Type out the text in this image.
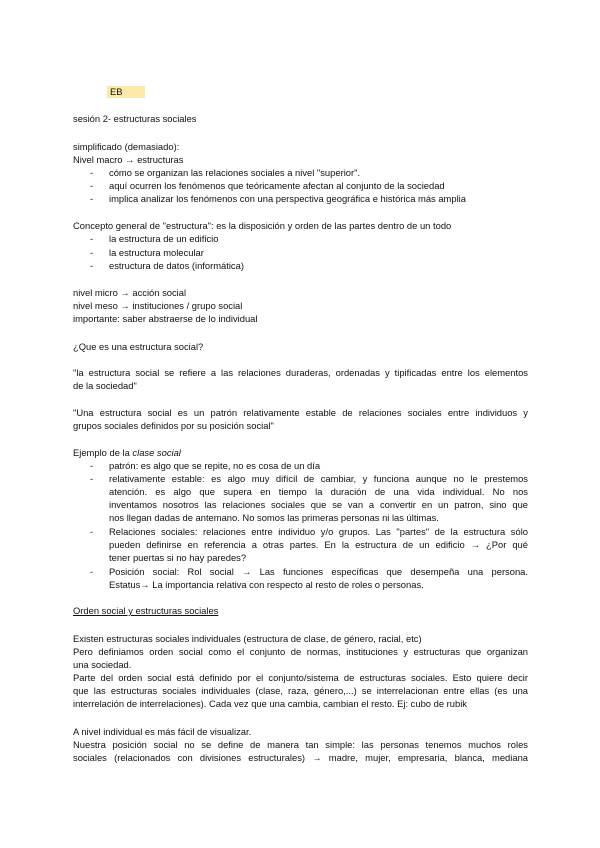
EB
sesión 2- estructuras sociales
simplificado (demasiado):
Nivel macro → estructuras
- cómo se organizan las relaciones sociales a nivel "superior".
- aquí ocurren los fenómenos que teóricamente afectan al conjunto de la sociedad
- implica analizar los fenómenos con una perspectiva geográfica e histórica más amplia
Concepto general de "estructura": es la disposición y orden de las partes dentro de un todo
- la estructura de un edificio
- la estructura molecular
- estructura de datos (informática)
nivel micro → acción social
nivel meso → instituciones / grupo social
importante: saber abstraerse de lo individual
¿Que es una estructura social?
"la estructura social se refiere a las relaciones duraderas, ordenadas y tipificadas entre los elementos
de la sociedad"
"Una estructura social es un patrón relativamente estable de relaciones sociales entre individuos y
grupos sociales definidos por su posición social"
Ejemplo de la clase social
- patrón: es algo que se repite, no es cosa de un día
- relativamente estable: es algo muy difícil de cambiar, y funciona aunque no le prestemos
atención. es algo que supera en tiempo la duración de una vida individual. No nos
inventamos nosotros las relaciones sociales que se van a convertir en un patron, sino que
nos llegan dadas de antemano. No somos las primeras personas ni las últimas.
- Relaciones sociales: relaciones entre individuo y/o grupos. Las "partes" de la estructura sólo
pueden definirse en referencia a otras partes. En la estructura de un edificio → ¿Por qué
tener puertas si no hay paredes?
- Posición social: Rol social → Las funciones específicas que desempeña una persona.
Estatus→ La importancia relativa con respecto al resto de roles o personas.
Orden social y estructuras sociales
Existen estructuras sociales individuales (estructura de clase, de género, racial, etc)
Pero definiamos orden social como el conjunto de normas, instituciones y estructuras que organizan
una sociedad.
Parte del orden social está definido por el conjunto/sistema de estructuras sociales. Esto quiere decir
que las estructuras sociales individuales (clase, raza, género,...) se interrelacionan entre ellas (es una
interrelación de interrelaciones). Cada vez que una cambia, cambian el resto. Ej: cubo de rubik
A nivel individual es más fácil de visualizar.
Nuestra posición social no se define de manera tan simple: las personas tenemos muchos roles
sociales (relacionados con divisiones estructurales) → madre, mujer, empresaria, blanca, mediana
